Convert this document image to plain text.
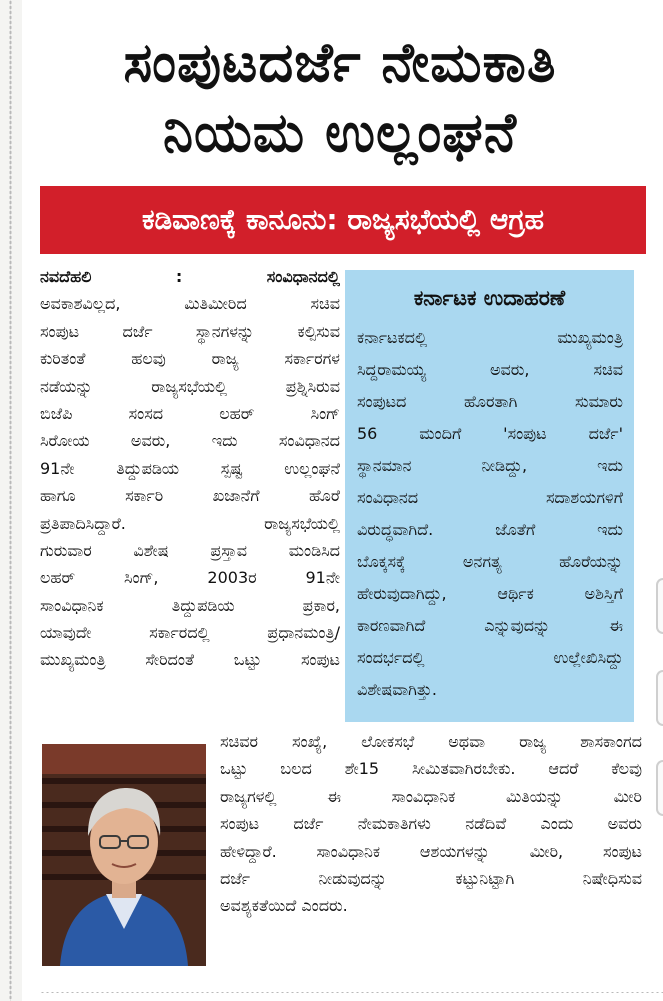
ಸಂಪುಟದರ್ಜೆ ನೇಮಕಾತಿ
ನಿಯಮ ಉಲ್ಲಂಘನೆ
ಕಡಿವಾಣಕ್ಕೆ ಕಾನೂನು: ರಾಜ್ಯಸಭೆಯಲ್ಲಿ ಆಗ್ರಹ
ನವದೆಹಲಿ : ಸಂವಿಧಾನದಲ್ಲಿ
ಅವಕಾಶವಿಲ್ಲದ, ಮಿತಿಮೀರಿದ ಸಚಿವ
ಸಂಪುಟ ದರ್ಜೆ ಸ್ಥಾನಗಳನ್ನು ಕಲ್ಪಿಸುವ
ಕುರಿತಂತೆ ಹಲವು ರಾಜ್ಯ ಸರ್ಕಾರಗಳ
ನಡೆಯನ್ನು ರಾಜ್ಯಸಭೆಯಲ್ಲಿ ಪ್ರಶ್ನಿಸಿರುವ
ಬಿಜೆಪಿ ಸಂಸದ ಲಹರ್ ಸಿಂಗ್
ಸಿರೋಯ ಅವರು, ಇದು ಸಂವಿಧಾನದ
91ನೇ ತಿದ್ದುಪಡಿಯ ಸ್ಪಷ್ಟ ಉಲ್ಲಂಘನೆ
ಹಾಗೂ ಸರ್ಕಾರಿ ಖಜಾನೆಗೆ ಹೊರೆ
ಪ್ರತಿಪಾದಿಸಿದ್ದಾರೆ. ರಾಜ್ಯಸಭೆಯಲ್ಲಿ
ಗುರುವಾರ ವಿಶೇಷ ಪ್ರಸ್ತಾವ ಮಂಡಿಸಿದ
ಲಹರ್ ಸಿಂಗ್, 2003ರ 91ನೇ
ಸಾಂವಿಧಾನಿಕ ತಿದ್ದುಪಡಿಯ ಪ್ರಕಾರ,
ಯಾವುದೇ ಸರ್ಕಾರದಲ್ಲಿ ಪ್ರಧಾನಮಂತ್ರಿ/
ಮುಖ್ಯಮಂತ್ರಿ ಸೇರಿದಂತೆ ಒಟ್ಟು ಸಂಪುಟ
ಕರ್ನಾಟಕ ಉದಾಹರಣೆ
ಕರ್ನಾಟಕದಲ್ಲಿ ಮುಖ್ಯಮಂತ್ರಿ
ಸಿದ್ದರಾಮಯ್ಯ ಅವರು, ಸಚಿವ
ಸಂಪುಟದ ಹೊರತಾಗಿ ಸುಮಾರು
56 ಮಂದಿಗೆ 'ಸಂಪುಟ ದರ್ಜೆ'
ಸ್ಥಾನಮಾನ ನೀಡಿದ್ದು, ಇದು
ಸಂವಿಧಾನದ ಸದಾಶಯಗಳಿಗೆ
ವಿರುದ್ಧವಾಗಿದೆ. ಜೊತೆಗೆ ಇದು
ಬೊಕ್ಕಸಕ್ಕೆ ಅನಗತ್ಯ ಹೊರೆಯನ್ನು
ಹೇರುವುದಾಗಿದ್ದು, ಆರ್ಥಿಕ ಅಶಿಸ್ತಿಗೆ
ಕಾರಣವಾಗಿದೆ ಎನ್ನುವುದನ್ನು ಈ
ಸಂದರ್ಭದಲ್ಲಿ ಉಲ್ಲೇಖಿಸಿದ್ದು
ವಿಶೇಷವಾಗಿತ್ತು.
ಸಚಿವರ ಸಂಖ್ಯೆ, ಲೋಕಸಭೆ ಅಥವಾ ರಾಜ್ಯ ಶಾಸಕಾಂಗದ
ಒಟ್ಟು ಬಲದ ಶೇ15 ಸೀಮಿತವಾಗಿರಬೇಕು. ಆದರೆ ಕೆಲವು
ರಾಜ್ಯಗಳಲ್ಲಿ ಈ ಸಾಂವಿಧಾನಿಕ ಮಿತಿಯನ್ನು ಮೀರಿ
ಸಂಪುಟ ದರ್ಜೆ ನೇಮಕಾತಿಗಳು ನಡೆದಿವೆ ಎಂದು ಅವರು
ಹೇಳಿದ್ದಾರೆ. ಸಾಂವಿಧಾನಿಕ ಆಶಯಗಳನ್ನು ಮೀರಿ, ಸಂಪುಟ
ದರ್ಜೆ ನೀಡುವುದನ್ನು ಕಟ್ಟುನಿಟ್ಟಾಗಿ ನಿಷೇಧಿಸುವ
ಅವಶ್ಯಕತೆಯಿದೆ ಎಂದರು.
